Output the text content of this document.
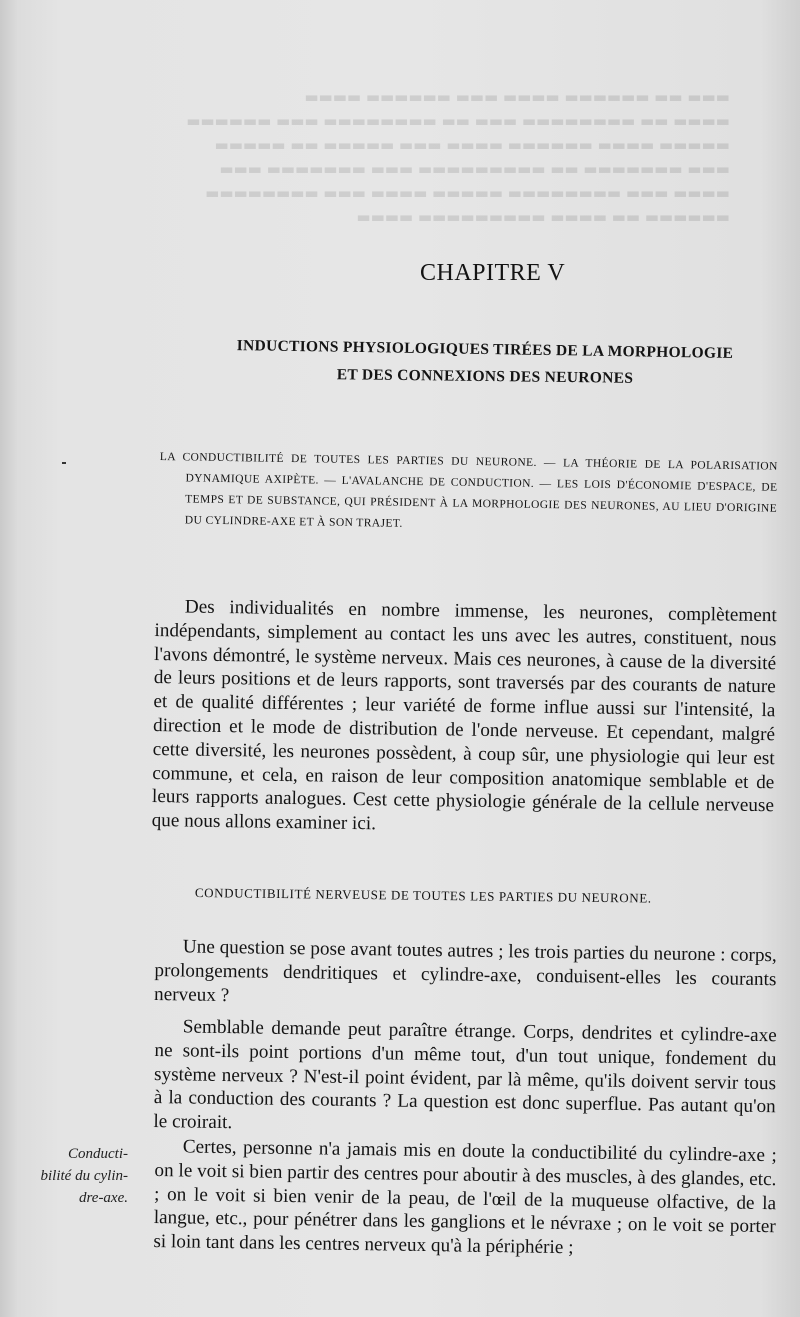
▬▬▬ ▬▬ ▬▬▬▬▬▬ ▬▬▬▬ ▬▬▬ ▬▬▬▬▬▬ ▬▬▬▬
▬▬▬▬ ▬▬ ▬▬▬▬▬▬▬▬ ▬▬▬ ▬▬ ▬▬▬▬▬▬▬▬ ▬▬▬ ▬▬▬▬▬▬
▬▬▬▬▬ ▬▬▬▬ ▬▬▬▬▬▬ ▬▬▬▬ ▬▬▬ ▬▬▬▬▬ ▬▬ ▬▬▬▬▬
▬▬▬ ▬▬▬▬▬▬▬ ▬▬ ▬▬▬▬▬▬▬▬▬ ▬▬▬ ▬▬▬▬▬▬▬ ▬▬▬
▬▬▬▬ ▬▬▬ ▬▬▬▬▬▬▬▬ ▬▬▬▬▬ ▬▬▬▬ ▬▬▬ ▬▬▬▬▬▬▬▬
▬▬▬▬▬▬ ▬▬ ▬▬▬▬ ▬▬▬▬▬▬▬▬▬ ▬▬▬▬
CHAPITRE V
INDUCTIONS PHYSIOLOGIQUES TIRÉES DE LA MORPHOLOGIE
ET DES CONNEXIONS DES NEURONES

LA CONDUCTIBILITÉ DE TOUTES LES PARTIES DU NEURONE. — LA THÉORIE DE LA POLARISATION DYNAMIQUE AXIPÈTE. — L'AVALANCHE DE CONDUCTION. — LES LOIS D'ÉCONOMIE D'ESPACE, DE TEMPS ET DE SUBSTANCE, QUI PRÉSIDENT À LA MORPHOLOGIE DES NEURONES, AU LIEU D'ORIGINE DU CYLINDRE-AXE ET À SON TRAJET.

Des individualités en nombre immense, les neurones, complètement indépendants, simplement au contact les uns avec les autres, constituent, nous l'avons démontré, le système nerveux. Mais ces neurones, à cause de la diversité de leurs positions et de leurs rapports, sont traversés par des courants de nature et de qualité différentes ; leur variété de forme influe aussi sur l'intensité, la direction et le mode de distribution de l'onde nerveuse. Et cependant, malgré cette diversité, les neurones possèdent, à coup sûr, une physiologie qui leur est commune, et cela, en raison de leur composition anatomique semblable et de leurs rapports analogues. Cest cette physiologie générale de la cellule nerveuse que nous allons examiner ici.

CONDUCTIBILITÉ NERVEUSE DE TOUTES LES PARTIES DU NEURONE.

Une question se pose avant toutes autres ; les trois parties du neurone : corps, prolongements dendritiques et cylindre-axe, conduisent-elles les courants nerveux ?

Semblable demande peut paraître étrange. Corps, dendrites et cylindre-axe ne sont-ils point portions d'un même tout, d'un tout unique, fondement du système nerveux ? N'est-il point évident, par là même, qu'ils doivent servir tous à la conduction des courants ? La question est donc superflue. Pas autant qu'on le croirait.

Certes, personne n'a jamais mis en doute la conductibilité du cylindre-axe ; on le voit si bien partir des centres pour aboutir à des muscles, à des glandes, etc. ; on le voit si bien venir de la peau, de l'œil de la muqueuse olfactive, de la langue, etc., pour pénétrer dans les ganglions et le névraxe ; on le voit se porter si loin tant dans les centres nerveux qu'à la périphérie ;

Conducti-
bilité du cylin-
dre-axe.
